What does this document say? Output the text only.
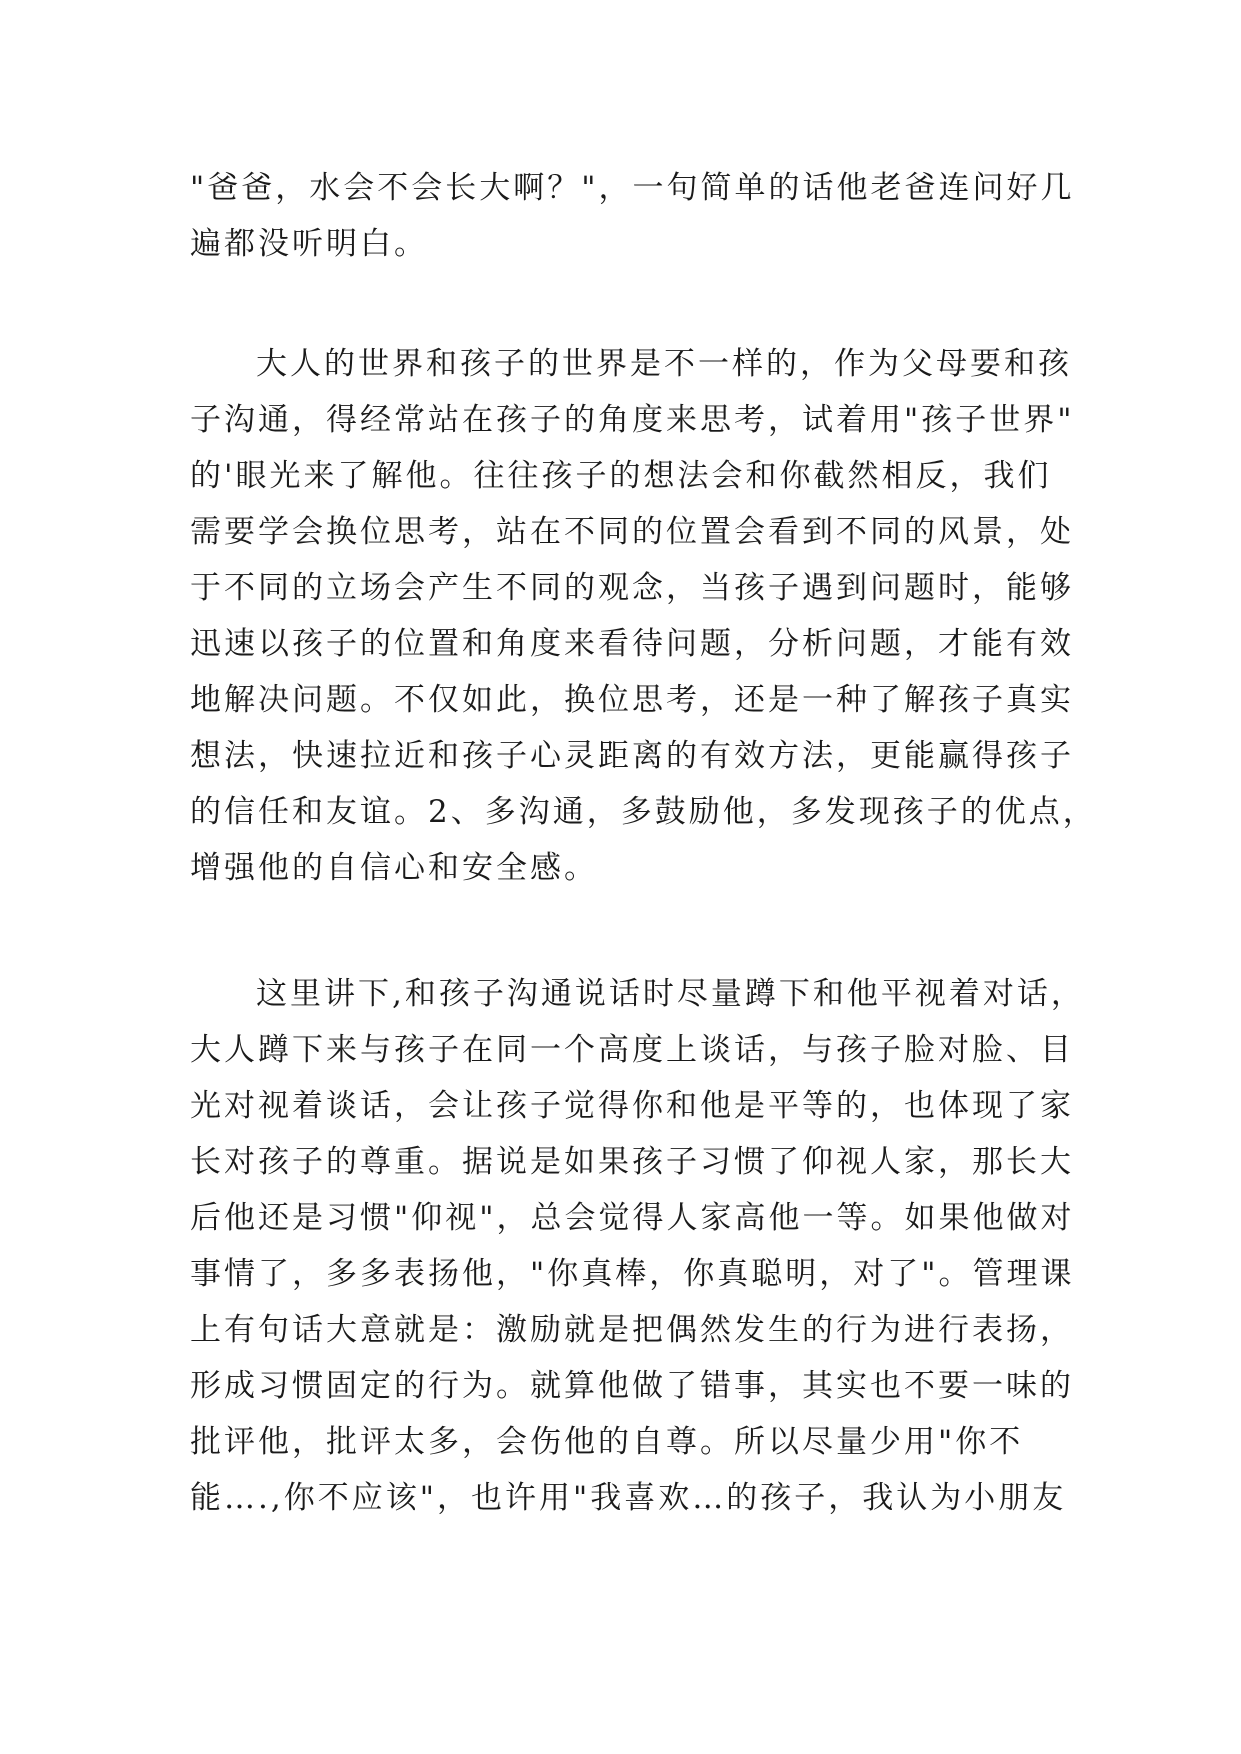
"爸爸，水会不会长大啊？"，一句简单的话他老爸连问好几
遍都没听明白。
大人的世界和孩子的世界是不一样的，作为父母要和孩
子沟通，得经常站在孩子的角度来思考，试着用"孩子世界"
的'眼光来了解他。往往孩子的想法会和你截然相反，我们
需要学会换位思考，站在不同的位置会看到不同的风景，处
于不同的立场会产生不同的观念，当孩子遇到问题时，能够
迅速以孩子的位置和角度来看待问题，分析问题，才能有效
地解决问题。不仅如此，换位思考，还是一种了解孩子真实
想法，快速拉近和孩子心灵距离的有效方法，更能赢得孩子
的信任和友谊。2、多沟通，多鼓励他，多发现孩子的优点，
增强他的自信心和安全感。
这里讲下,和孩子沟通说话时尽量蹲下和他平视着对话，
大人蹲下来与孩子在同一个高度上谈话，与孩子脸对脸、目
光对视着谈话，会让孩子觉得你和他是平等的，也体现了家
长对孩子的尊重。据说是如果孩子习惯了仰视人家，那长大
后他还是习惯"仰视"，总会觉得人家高他一等。如果他做对
事情了，多多表扬他，"你真棒，你真聪明，对了"。管理课
上有句话大意就是：激励就是把偶然发生的行为进行表扬，
形成习惯固定的行为。就算他做了错事，其实也不要一味的
批评他，批评太多，会伤他的自尊。所以尽量少用"你不
能….,你不应该"，也许用"我喜欢…的孩子，我认为小朋友
